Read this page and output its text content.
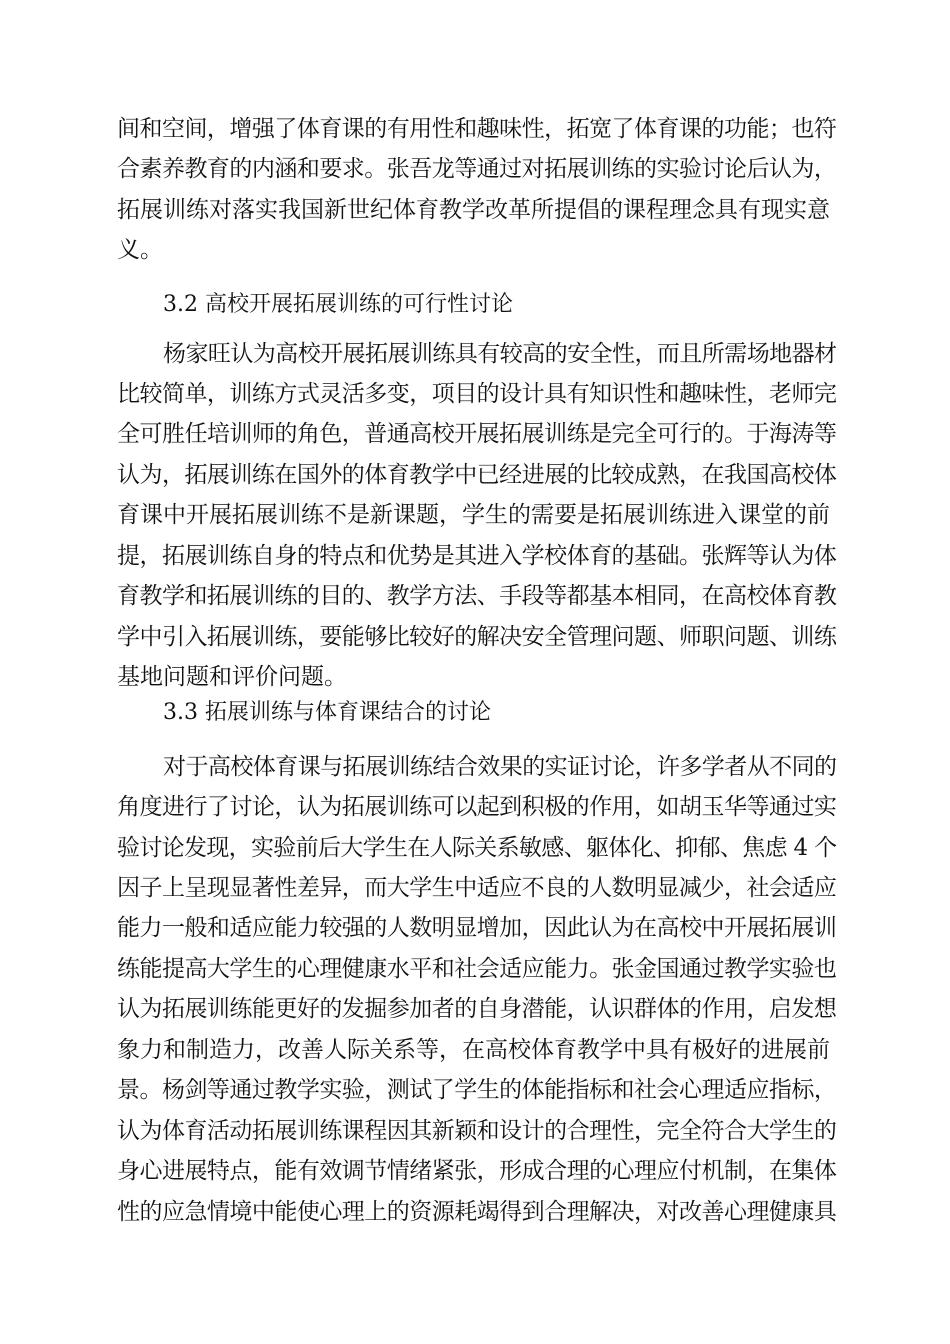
间和空间，增强了体育课的有用性和趣味性，拓宽了体育课的功能；也符
合素养教育的内涵和要求。张吾龙等通过对拓展训练的实验讨论后认为，
拓展训练对落实我国新世纪体育教学改革所提倡的课程理念具有现实意
义。
3.2 高校开展拓展训练的可行性讨论
杨家旺认为高校开展拓展训练具有较高的安全性，而且所需场地器材
比较简单，训练方式灵活多变，项目的设计具有知识性和趣味性，老师完
全可胜任培训师的角色，普通高校开展拓展训练是完全可行的。于海涛等
认为，拓展训练在国外的体育教学中已经进展的比较成熟，在我国高校体
育课中开展拓展训练不是新课题，学生的需要是拓展训练进入课堂的前
提，拓展训练自身的特点和优势是其进入学校体育的基础。张辉等认为体
育教学和拓展训练的目的、教学方法、手段等都基本相同，在高校体育教
学中引入拓展训练，要能够比较好的解决安全管理问题、师职问题、训练
基地问题和评价问题。
3.3 拓展训练与体育课结合的讨论
对于高校体育课与拓展训练结合效果的实证讨论，许多学者从不同的
角度进行了讨论，认为拓展训练可以起到积极的作用，如胡玉华等通过实
验讨论发现，实验前后大学生在人际关系敏感、躯体化、抑郁、焦虑 4 个
因子上呈现显著性差异，而大学生中适应不良的人数明显减少，社会适应
能力一般和适应能力较强的人数明显增加，因此认为在高校中开展拓展训
练能提高大学生的心理健康水平和社会适应能力。张金国通过教学实验也
认为拓展训练能更好的发掘参加者的自身潜能，认识群体的作用，启发想
象力和制造力，改善人际关系等，在高校体育教学中具有极好的进展前
景。杨剑等通过教学实验，测试了学生的体能指标和社会心理适应指标，
认为体育活动拓展训练课程因其新颖和设计的合理性，完全符合大学生的
身心进展特点，能有效调节情绪紧张，形成合理的心理应付机制，在集体
性的应急情境中能使心理上的资源耗竭得到合理解决，对改善心理健康具
